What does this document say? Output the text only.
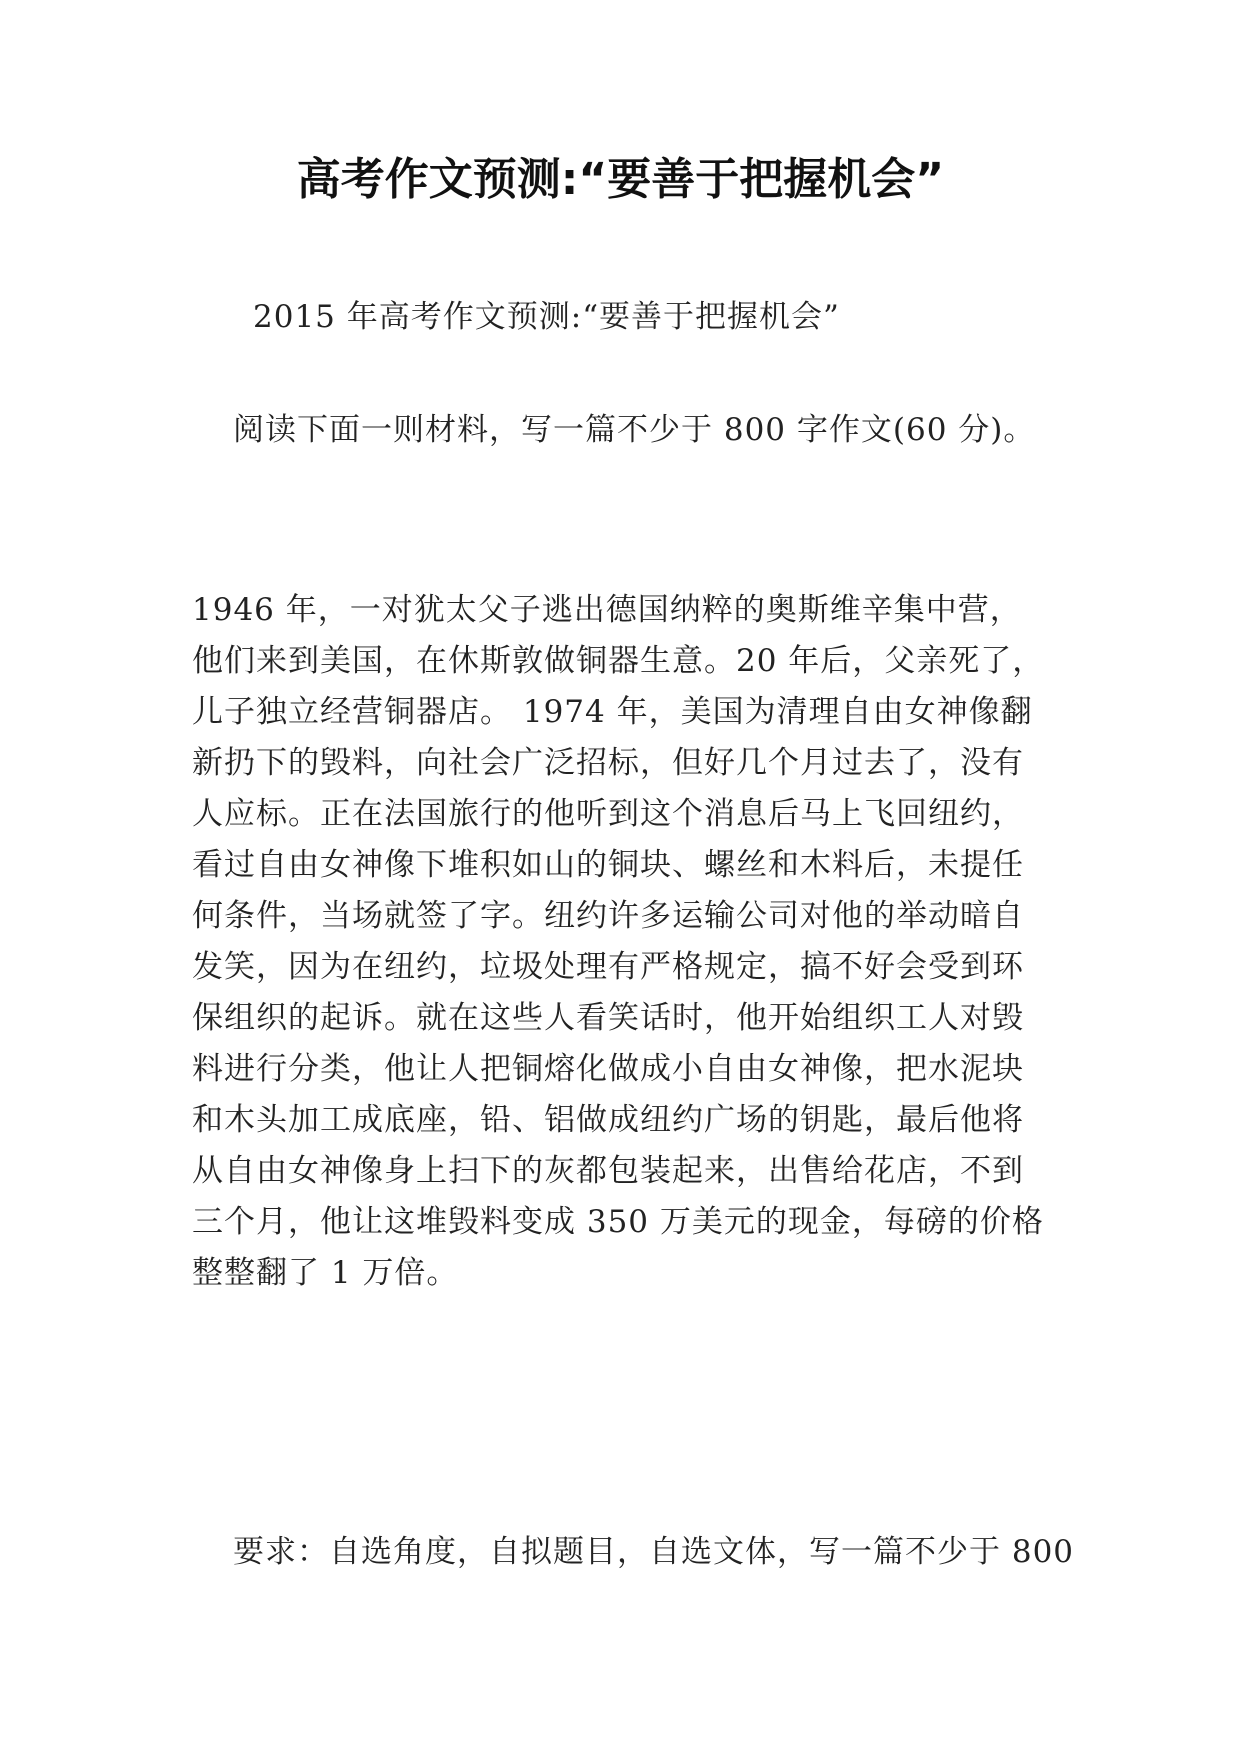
高考作文预测:“要善于把握机会”
2015 年高考作文预测:“要善于把握机会”
阅读下面一则材料，写一篇不少于 800 字作文(60 分)。
1946 年，一对犹太父子逃出德国纳粹的奥斯维辛集中营，
他们来到美国，在休斯敦做铜器生意。20 年后，父亲死了，
儿子独立经营铜器店。 1974 年，美国为清理自由女神像翻
新扔下的毁料，向社会广泛招标，但好几个月过去了，没有
人应标。正在法国旅行的他听到这个消息后马上飞回纽约，
看过自由女神像下堆积如山的铜块、螺丝和木料后，未提任
何条件，当场就签了字。纽约许多运输公司对他的举动暗自
发笑，因为在纽约，垃圾处理有严格规定，搞不好会受到环
保组织的起诉。就在这些人看笑话时，他开始组织工人对毁
料进行分类，他让人把铜熔化做成小自由女神像，把水泥块
和木头加工成底座，铅、铝做成纽约广场的钥匙，最后他将
从自由女神像身上扫下的灰都包装起来，出售给花店，不到
三个月，他让这堆毁料变成 350 万美元的现金，每磅的价格
整整翻了 1 万倍。
要求：自选角度，自拟题目，自选文体，写一篇不少于 800
